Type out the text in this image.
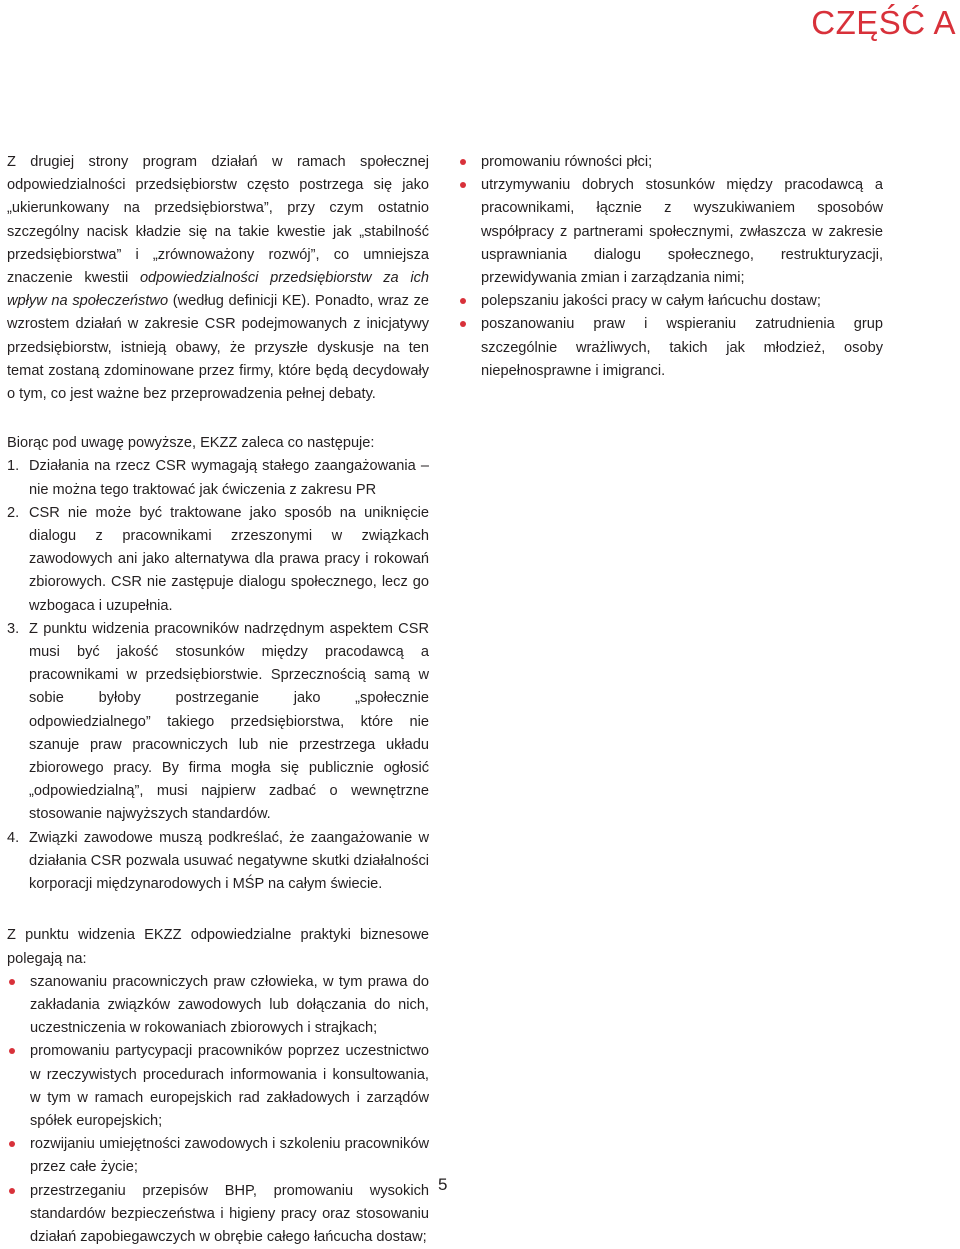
CZĘŚĆ A

Z drugiej strony program działań w ramach społecznej odpowiedzialności przedsiębiorstw często postrzega się jako „ukierunkowany na przedsiębiorstwa”, przy czym ostatnio szczególny nacisk kładzie się na takie kwestie jak „stabilność przedsiębiorstwa” i „zrównoważony rozwój”, co umniejsza znaczenie kwestii odpowiedzialności przedsiębiorstw za ich wpływ na społeczeństwo (według definicji KE). Ponadto, wraz ze wzrostem działań w zakresie CSR podejmowanych z inicjatywy przedsiębiorstw, istnieją obawy, że przyszłe dyskusje na ten temat zostaną zdominowane przez firmy, które będą decydowały o tym, co jest ważne bez przeprowadzenia pełnej debaty.

Biorąc pod uwagę powyższe, EKZZ zaleca co następuje:

1. Działania na rzecz CSR wymagają stałego zaangażowania – nie można tego traktować jak ćwiczenia z zakresu PR
2. CSR nie może być traktowane jako sposób na uniknięcie dialogu z pracownikami zrzeszonymi w związkach zawodowych ani jako alternatywa dla prawa pracy i rokowań zbiorowych. CSR nie zastępuje dialogu społecznego, lecz go wzbogaca i uzupełnia.
3. Z punktu widzenia pracowników nadrzędnym aspektem CSR musi być jakość stosunków między pracodawcą a pracownikami w przedsiębiorstwie. Sprzecznością samą w sobie byłoby postrzeganie jako „społecznie odpowiedzialnego” takiego przedsiębiorstwa, które nie szanuje praw pracowniczych lub nie przestrzega układu zbiorowego pracy. By firma mogła się publicznie ogłosić „odpowiedzialną”, musi najpierw zadbać o wewnętrzne stosowanie najwyższych standardów.
4. Związki zawodowe muszą podkreślać, że zaangażowanie w działania CSR pozwala usuwać negatywne skutki działalności korporacji międzynarodowych i MŚP na całym świecie.

Z punktu widzenia EKZZ odpowiedzialne praktyki biznesowe polegają na:

szanowaniu pracowniczych praw człowieka, w tym prawa do zakładania związków zawodowych lub dołączania do nich, uczestniczenia w rokowaniach zbiorowych i strajkach;
promowaniu partycypacji pracowników poprzez uczestnictwo w rzeczywistych procedurach informowania i konsultowania, w tym w ramach europejskich rad zakładowych i zarządów spółek europejskich;
rozwijaniu umiejętności zawodowych i szkoleniu pracowników przez całe życie;
przestrzeganiu przepisów BHP, promowaniu wysokich standardów bezpieczeństwa i higieny pracy oraz stosowaniu działań zapobiegawczych w obrębie całego łańcucha dostaw;
promowaniu równości płci;
utrzymywaniu dobrych stosunków między pracodawcą a pracownikami, łącznie z wyszukiwaniem sposobów współpracy z partnerami społecznymi, zwłaszcza w zakresie usprawniania dialogu społecznego, restrukturyzacji, przewidywania zmian i zarządzania nimi;
polepszaniu jakości pracy w całym łańcuchu dostaw;
poszanowaniu praw i wspieraniu zatrudnienia grup szczególnie wrażliwych, takich jak młodzież, osoby niepełnosprawne i imigranci.
5
